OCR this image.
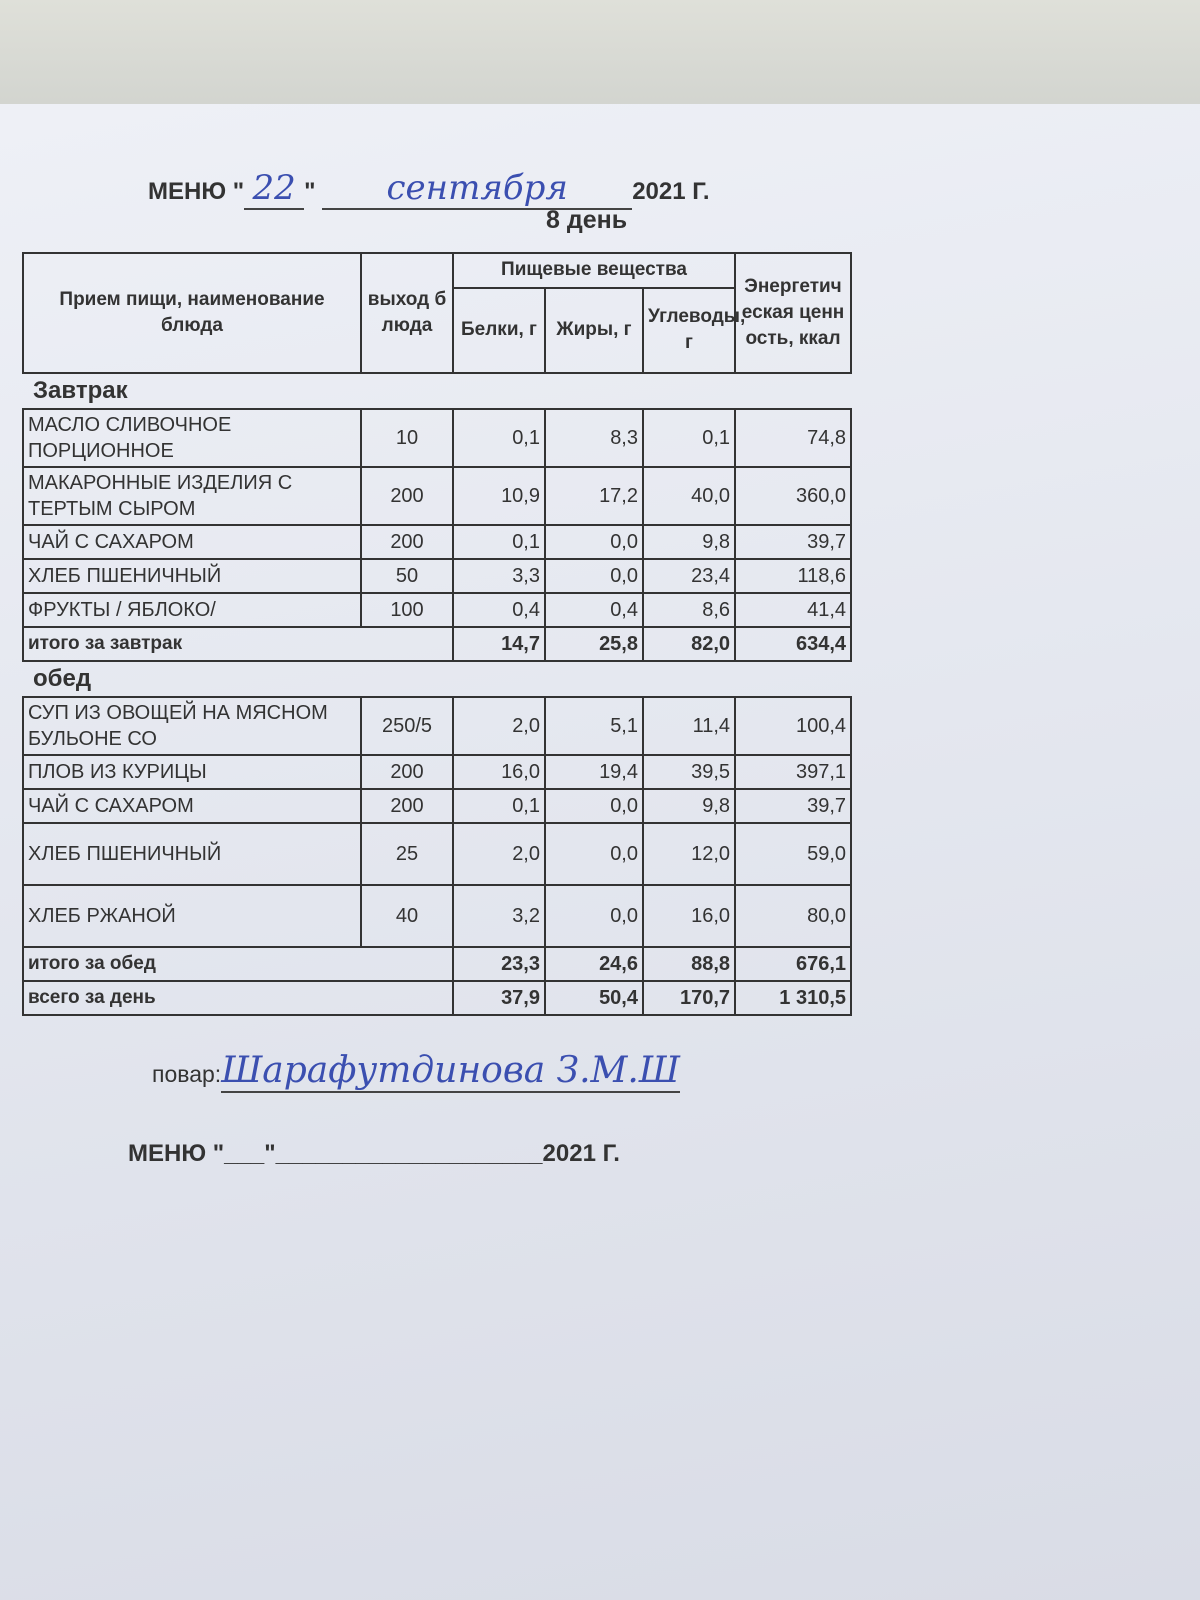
МЕНЮ " 22 " сентября	2021 Г.
8 день
Прием пищи, наименование блюда	выход блюда	Пищевые вещества			Энергетическая ценность, ккал
		Белки, г	Жиры, г	Углеводы, г	
Завтрак					
МАСЛО СЛИВОЧНОЕ ПОРЦИОННОЕ	10	0,1	8,3	0,1	74,8
МАКАРОННЫЕ ИЗДЕЛИЯ С ТЕРТЫМ СЫРОМ	200	10,9	17,2	40,0	360,0
ЧАЙ С САХАРОМ	200	0,1	0,0	9,8	39,7
ХЛЕБ ПШЕНИЧНЫЙ	50	3,3	0,0	23,4	118,6
ФРУКТЫ / ЯБЛОКО/	100	0,4	0,4	8,6	41,4
итого за завтрак		14,7	25,8	82,0	634,4
обед					
СУП ИЗ ОВОЩЕЙ НА МЯСНОМ БУЛЬОНЕ СО	250/5	2,0	5,1	11,4	100,4
ПЛОВ ИЗ КУРИЦЫ	200	16,0	19,4	39,5	397,1
ЧАЙ С САХАРОМ	200	0,1	0,0	9,8	39,7
ХЛЕБ ПШЕНИЧНЫЙ	25	2,0	0,0	12,0	59,0
ХЛЕБ РЖАНОЙ	40	3,2	0,0	16,0	80,0
итого за обед		23,3	24,6	88,8	676,1
всего за день		37,9	50,4	170,7	1 310,5
повар:Шарафутдинова З.М.Ш
МЕНЮ "___"____________________2021 Г.
